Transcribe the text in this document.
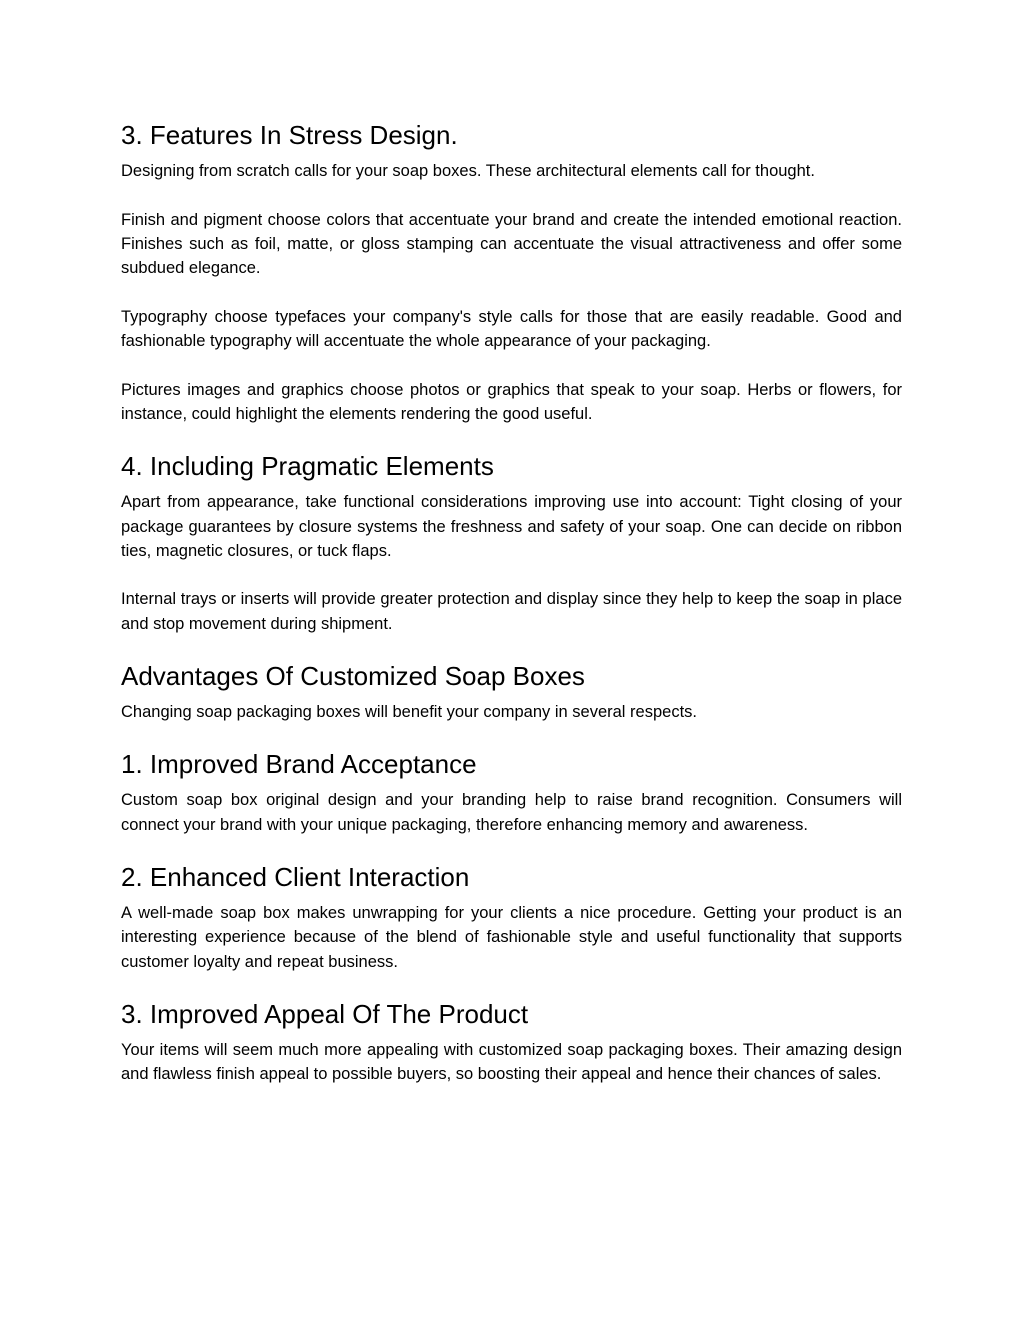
3. Features In Stress Design.

Designing from scratch calls for your soap boxes. These architectural elements call for thought.

Finish and pigment choose colors that accentuate your brand and create the intended emotional reaction. Finishes such as foil, matte, or gloss stamping can accentuate the visual attractiveness and offer some subdued elegance.

Typography choose typefaces your company's style calls for those that are easily readable. Good and fashionable typography will accentuate the whole appearance of your packaging.

Pictures images and graphics choose photos or graphics that speak to your soap. Herbs or flowers, for instance, could highlight the elements rendering the good useful.

4. Including Pragmatic Elements

Apart from appearance, take functional considerations improving use into account: Tight closing of your package guarantees by closure systems the freshness and safety of your soap. One can decide on ribbon ties, magnetic closures, or tuck flaps.

Internal trays or inserts will provide greater protection and display since they help to keep the soap in place and stop movement during shipment.

Advantages Of Customized Soap Boxes

Changing soap packaging boxes will benefit your company in several respects.

1. Improved Brand Acceptance

Custom soap box original design and your branding help to raise brand recognition. Consumers will connect your brand with your unique packaging, therefore enhancing memory and awareness.

2. Enhanced Client Interaction

A well-made soap box makes unwrapping for your clients a nice procedure. Getting your product is an interesting experience because of the blend of fashionable style and useful functionality that supports customer loyalty and repeat business.

3. Improved Appeal Of The Product

Your items will seem much more appealing with customized soap packaging boxes. Their amazing design and flawless finish appeal to possible buyers, so boosting their appeal and hence their chances of sales.
